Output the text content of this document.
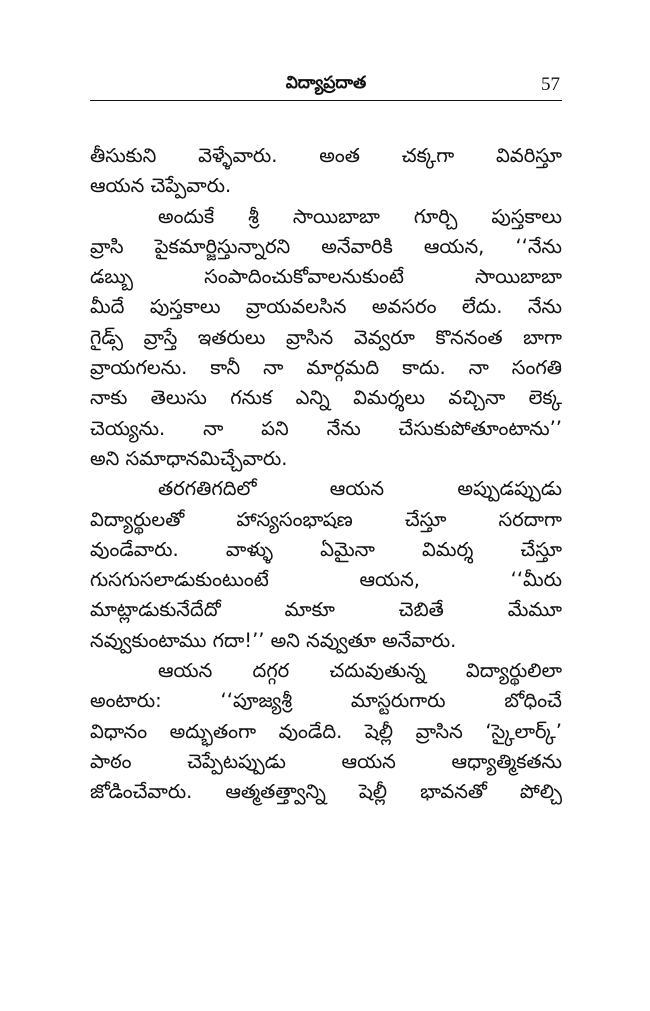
విద్యాప్రదాత	57
తీసుకుని వెళ్ళేవారు. అంత చక్కగా వివరిస్తూ
ఆయన చెప్పేవారు.
అందుకే శ్రీ సాయిబాబా గూర్చి పుస్తకాలు
వ్రాసి పైకమార్జిస్తున్నారని అనేవారికి ఆయన, ‘‘నేను
డబ్బు సంపాదించుకోవాలనుకుంటే సాయిబాబా
మీదే పుస్తకాలు వ్రాయవలసిన అవసరం లేదు. నేను
గైడ్స్ వ్రాస్తే ఇతరులు వ్రాసిన వెవ్వరూ కొననంత బాగా
వ్రాయగలను. కానీ నా మార్గమది కాదు. నా సంగతి
నాకు తెలుసు గనుక ఎన్ని విమర్శలు వచ్చినా లెక్క
చెయ్యను. నా పని నేను చేసుకుపోతూంటాను’’
అని సమాధానమిచ్చేవారు.
తరగతిగదిలో ఆయన అప్పుడప్పుడు
విద్యార్థులతో హాస్యసంభాషణ చేస్తూ సరదాగా
వుండేవారు. వాళ్ళు ఏమైనా విమర్శ చేస్తూ
గుసగుసలాడుకుంటుంటే ఆయన, ‘‘మీరు
మాట్లాడుకునేదేదో మాకూ చెబితే మేమూ
నవ్వుకుంటాము గదా!’’ అని నవ్వుతూ అనేవారు.
ఆయన దగ్గర చదువుతున్న విద్యార్థులిలా
అంటారు: ‘‘పూజ్యశ్రీ మాస్టరుగారు బోధించే
విధానం అద్భుతంగా వుండేది. షెల్లీ వ్రాసిన ‘స్కైలార్క్’
పాఠం చెప్పేటప్పుడు ఆయన ఆధ్యాత్మికతను
జోడించేవారు. ఆత్మతత్త్వాన్ని షెల్లీ భావనతో పోల్చి
